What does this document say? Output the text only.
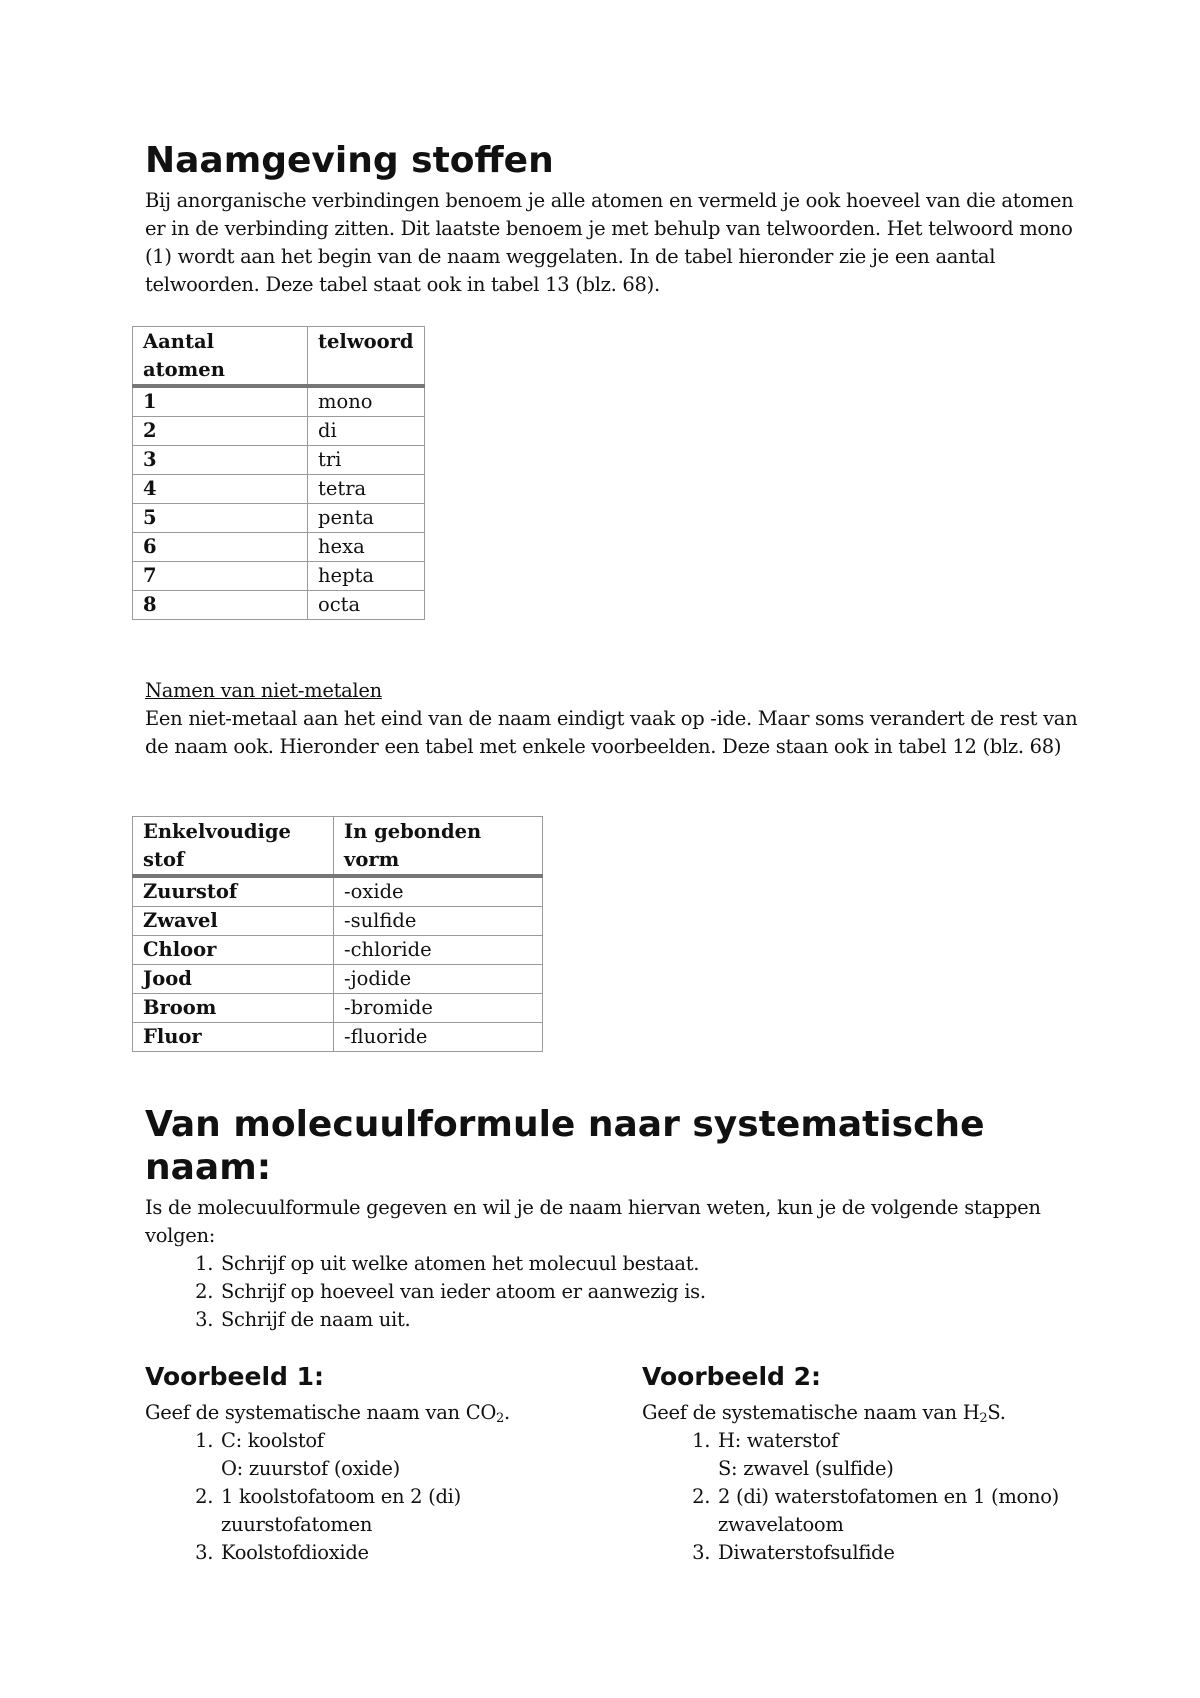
Naamgeving stoffen

Bij anorganische verbindingen benoem je alle atomen en vermeld je ook hoeveel van die atomen er in de verbinding zitten. Dit laatste benoem je met behulp van telwoorden. Het telwoord mono (1) wordt aan het begin van de naam weggelaten. In de tabel hieronder zie je een aantal telwoorden. Deze tabel staat ook in tabel 13 (blz. 68).

Aantal atomen	telwoord
1	mono
2	di
3	tri
4	tetra
5	penta
6	hexa
7	hepta
8	octa

Namen van niet-metalen

Een niet-metaal aan het eind van de naam eindigt vaak op -ide. Maar soms verandert de rest van de naam ook. Hieronder een tabel met enkele voorbeelden. Deze staan ook in tabel 12 (blz. 68)

Enkelvoudige stof	In gebonden vorm
Zuurstof	-oxide
Zwavel	-sulfide
Chloor	-chloride
Jood	-jodide
Broom	-bromide
Fluor	-fluoride
Van molecuulformule naar systematische naam:

Is de molecuulformule gegeven en wil je de naam hiervan weten, kun je de volgende stappen volgen:

1. Schrijf op uit welke atomen het molecuul bestaat.
2. Schrijf op hoeveel van ieder atoom er aanwezig is.
3. Schrijf de naam uit.
Voorbeeld 1:

Geef de systematische naam van $CO_2$.

1. C: koolstof
O: zuurstof (oxide)
2. 1 koolstofatoom en 2 (di) zuurstofatomen
3. Koolstofdioxide
Voorbeeld 2:

Geef de systematische naam van $H_2S$.

1. H: waterstof
S: zwavel (sulfide)
2. 2 (di) waterstofatomen en 1 (mono) zwavelatoom
3. Diwaterstofsulfide
